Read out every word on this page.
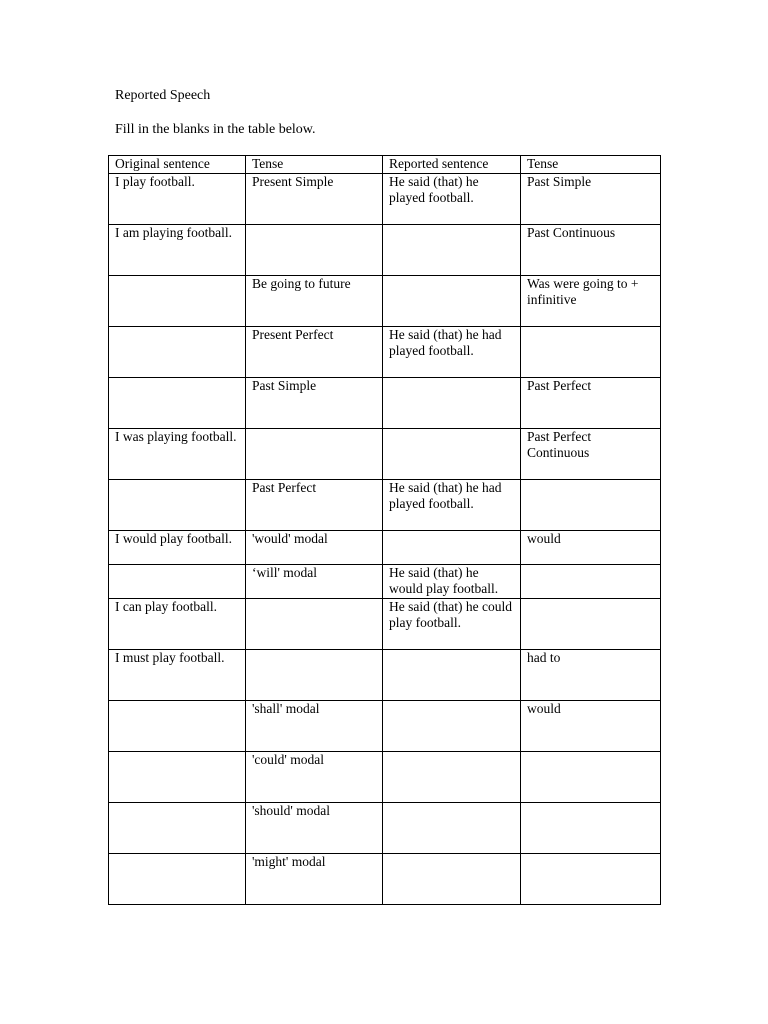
Reported Speech

Fill in the blanks in the table below.

Original sentence	Tense	Reported sentence	Tense
I play football.	Present Simple	He said (that) he played football.	Past Simple
I am playing football.			Past Continuous
	Be going to future		Was were going to + infinitive
	Present Perfect	He said (that) he had played football.	
	Past Simple		Past Perfect
I was playing football.			Past Perfect Continuous
	Past Perfect	He said (that) he had played football.	
I would play football.	'would' modal		would
	‘will' modal	He said (that) he would play football.	
I can play football.		He said (that) he could play football.	
I must play football.			had to
	'shall' modal		would
	'could' modal		
	'should' modal		
	'might' modal		
